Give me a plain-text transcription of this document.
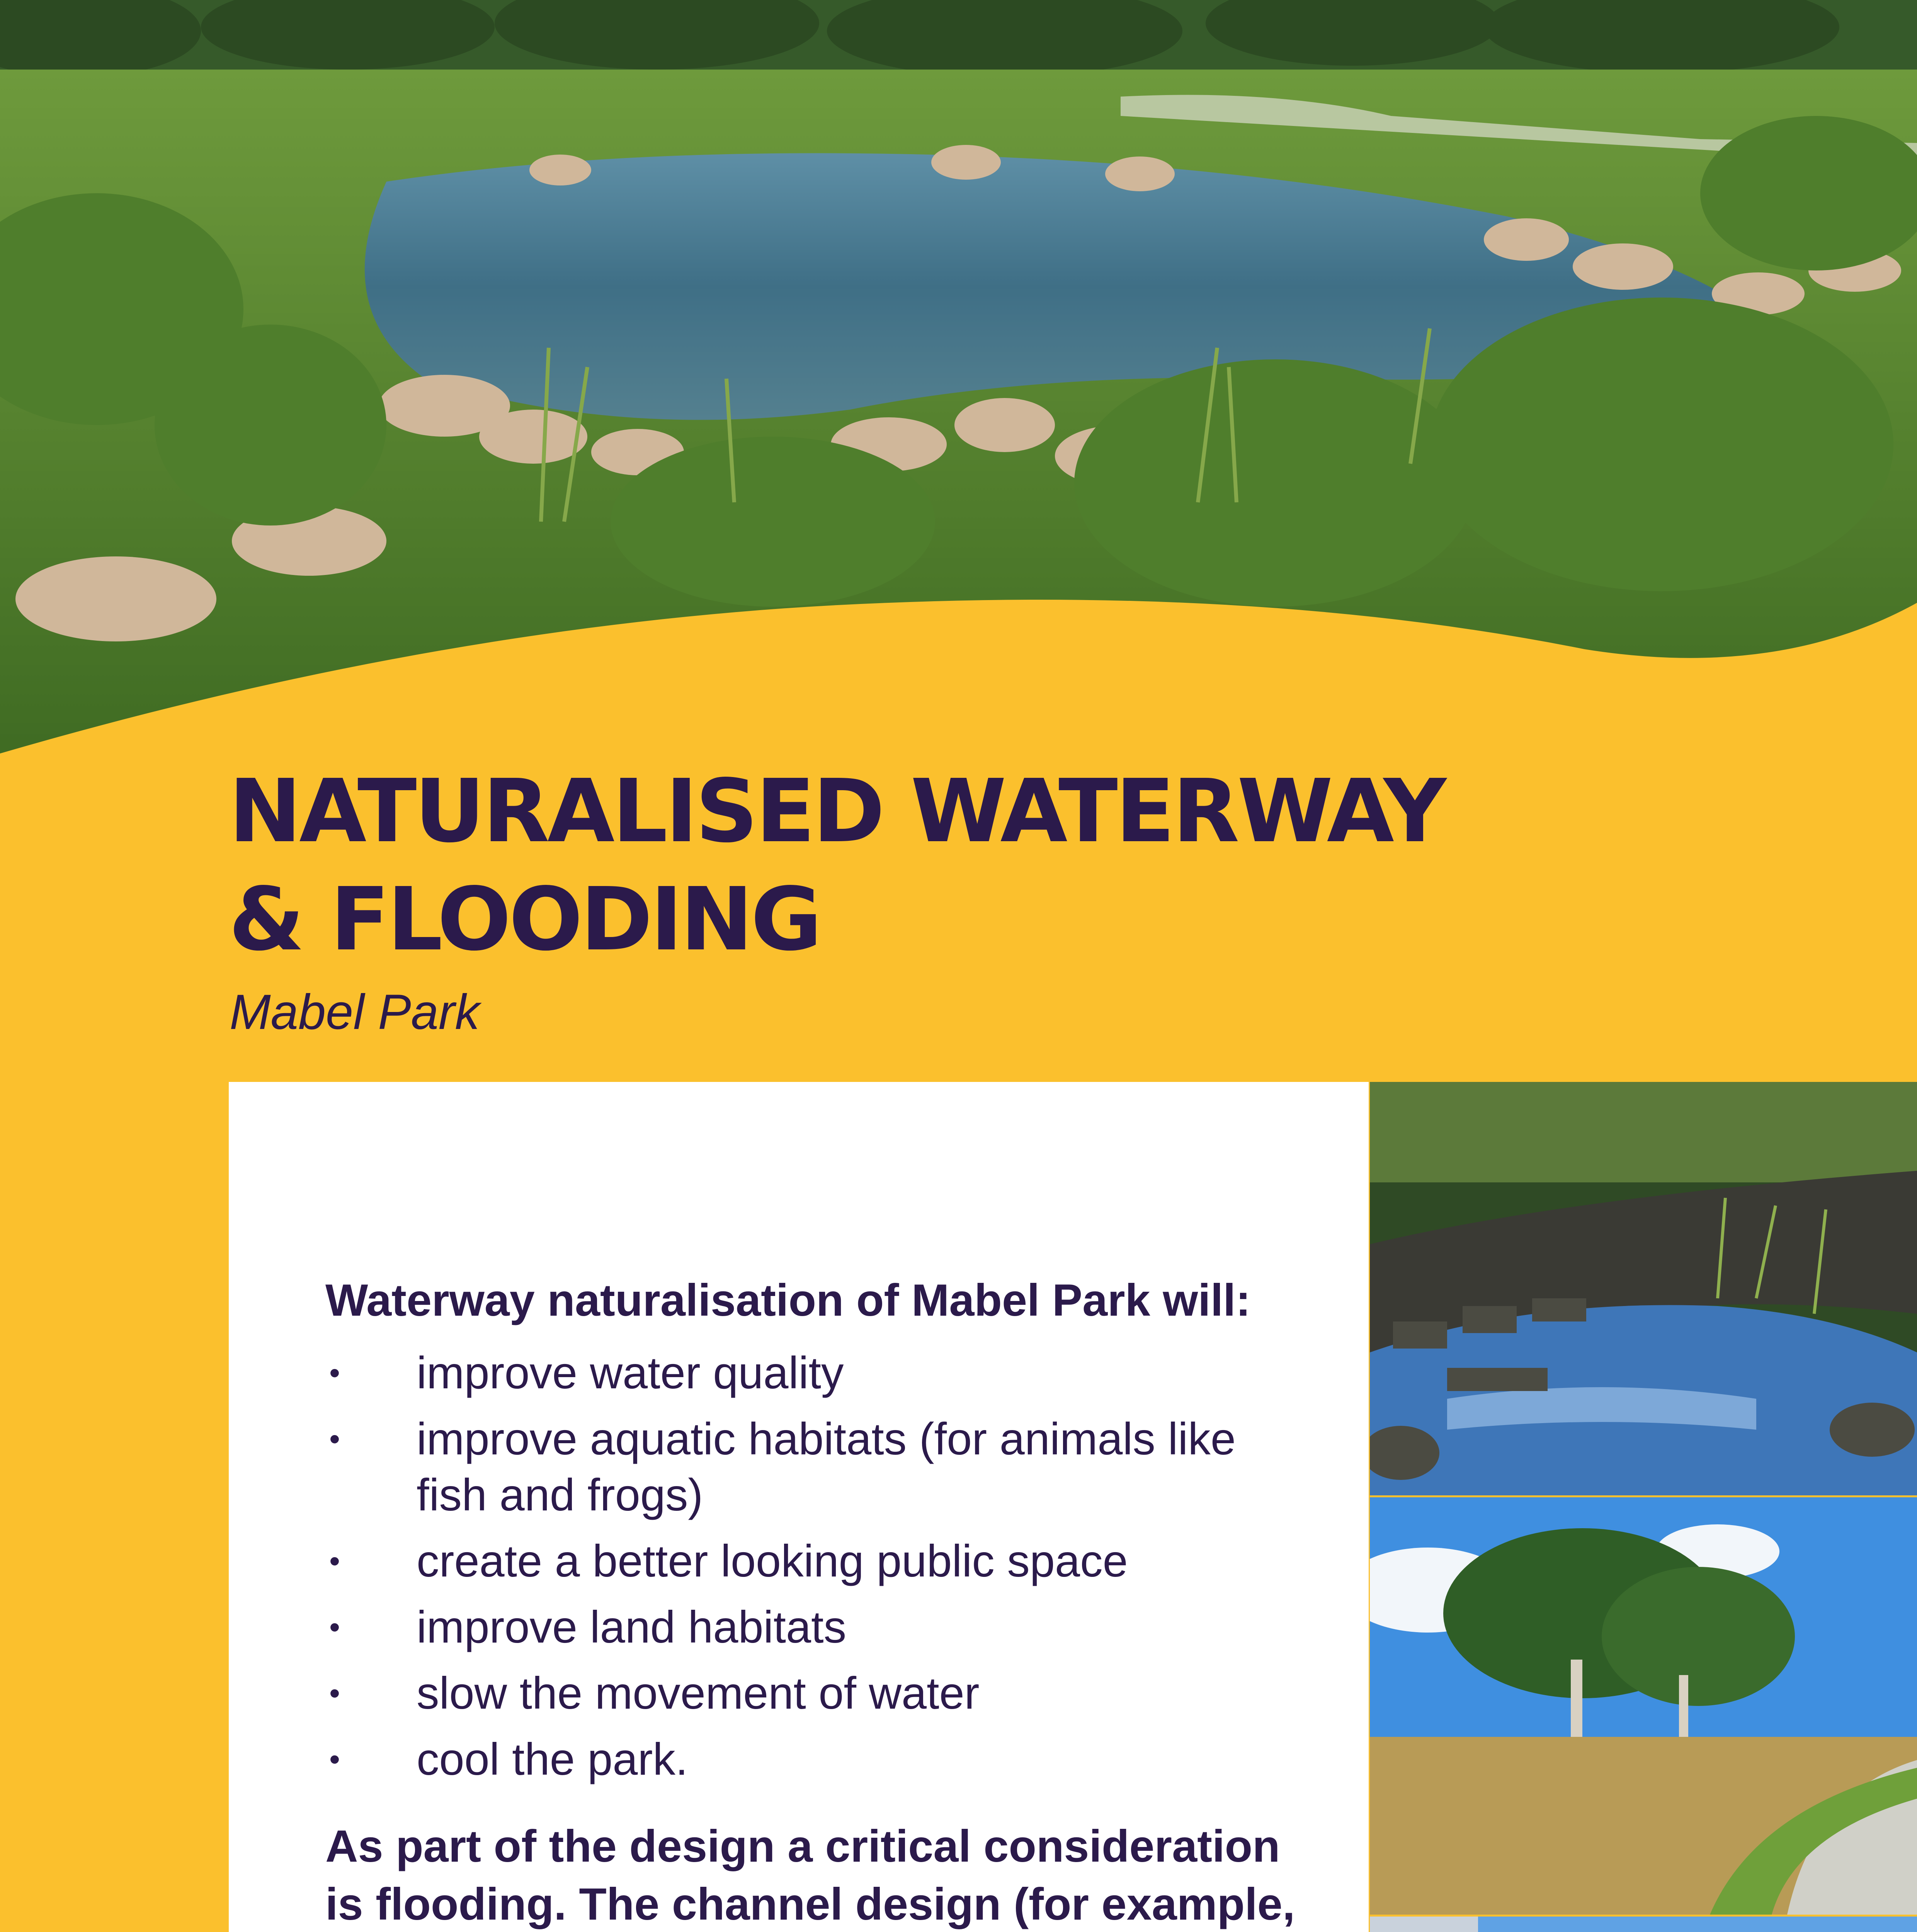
NATURALISED WATERWAY
& FLOODING

Mabel Park

Waterway naturalisation of Mabel Park will:

• improve water quality
• improve aquatic habitats (for animals like fish and frogs)
• create a better looking public space
• improve land habitats
• slow the movement of water
• cool the park.

As part of the design a critical consideration is flooding. The channel design (for example,
